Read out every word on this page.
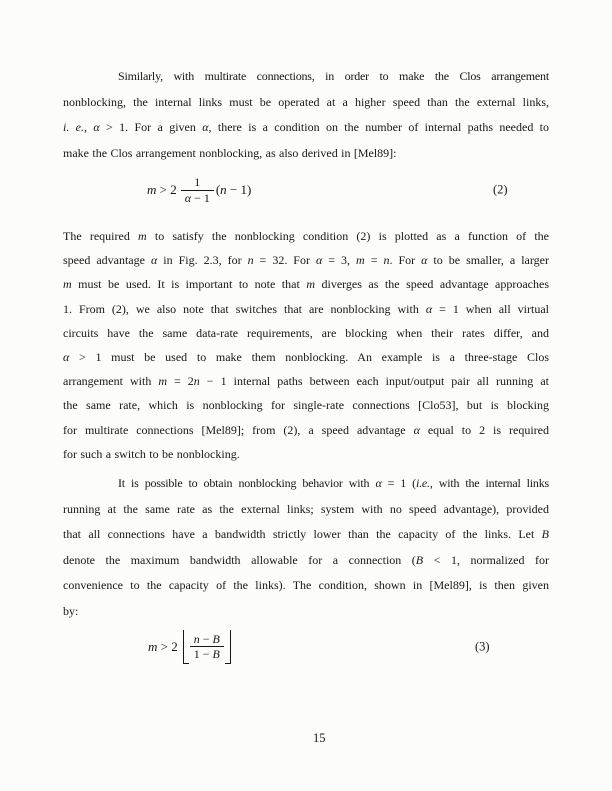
Similarly, with multirate connections, in order to make the Clos arrangement
nonblocking, the internal links must be operated at a higher speed than the external links,
i. e., α > 1. For a given α, there is a condition on the number of internal paths needed to
make the Clos arrangement nonblocking, as also derived in [Mel89]:
$m > 2 \frac{1}{\alpha - 1} (n - 1)$	(2)
The required m to satisfy the nonblocking condition (2) is plotted as a function of the
speed advantage α in Fig. 2.3, for n = 32. For α = 3, m = n. For α to be smaller, a larger
m must be used. It is important to note that m diverges as the speed advantage approaches
1. From (2), we also note that switches that are nonblocking with α = 1 when all virtual
circuits have the same data-rate requirements, are blocking when their rates differ, and
α > 1 must be used to make them nonblocking. An example is a three-stage Clos
arrangement with m = 2n − 1 internal paths between each input/output pair all running at
the same rate, which is nonblocking for single-rate connections [Clo53], but is blocking
for multirate connections [Mel89]; from (2), a speed advantage α equal to 2 is required
for such a switch to be nonblocking.
It is possible to obtain nonblocking behavior with α = 1 (i.e., with the internal links
running at the same rate as the external links; system with no speed advantage), provided
that all connections have a bandwidth strictly lower than the capacity of the links. Let B
denote the maximum bandwidth allowable for a connection (B < 1, normalized for
convenience to the capacity of the links). The condition, shown in [Mel89], is then given
by:
$m > 2 \frac{n - B}{1 - B}$	(3)
15
